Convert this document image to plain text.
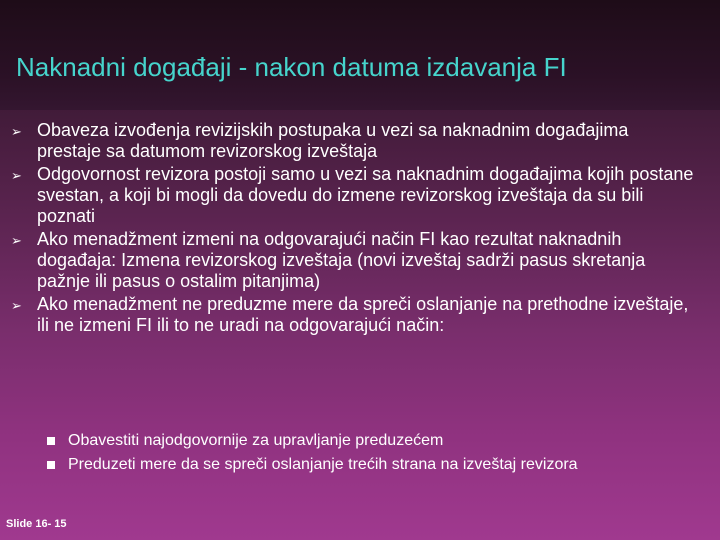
Naknadni događaji - nakon datuma izdavanja FI
➢ Obaveza izvođenja revizijskih postupaka u vezi sa naknadnim događajima prestaje sa datumom revizorskog izveštaja
➢ Odgovornost revizora postoji samo u vezi sa naknadnim događajima kojih postane svestan, a koji bi mogli da dovedu do izmene revizorskog izveštaja da su bili poznati
➢ Ako menadžment izmeni na odgovarajući način FI kao rezultat naknadnih događaja: Izmena revizorskog izveštaja (novi izveštaj sadrži pasus skretanja pažnje ili pasus o ostalim pitanjima)
➢ Ako menadžment ne preduzme mere da spreči oslanjanje na prethodne izveštaje, ili ne izmeni FI ili to ne uradi na odgovarajući način:
Obavestiti najodgovornije za upravljanje preduzećem
Preduzeti mere da se spreči oslanjanje trećih strana na izveštaj revizora
Slide 16- 15
